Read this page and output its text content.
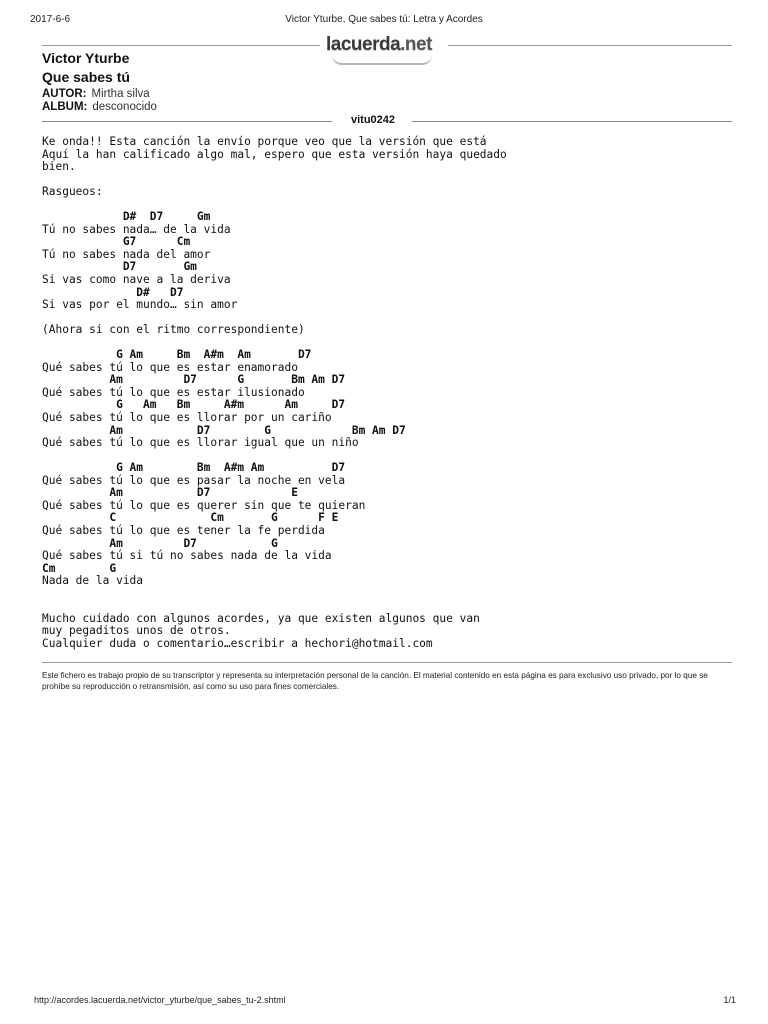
2017-6-6	Victor Yturbe, Que sabes tú: Letra y Acordes
lacuerda.net
Victor Yturbe
Que sabes tú
AUTOR: Mirtha silva
ALBUM: desconocido
vitu0242
Ke onda!! Esta canción la envío porque veo que la versión que está
Aquí la han calificado algo mal, espero que esta versión haya quedado
bien.
Rasgueos:
D#  D7     Gm
Tú no sabes nada… de la vida
G7      Cm
Tú no sabes nada del amor
D7       Gm
Si vas como nave a la deriva
D#   D7
Si vas por el mundo… sin amor
(Ahora si con el ritmo correspondiente)
G Am     Bm  A#m  Am       D7
Qué sabes tú lo que es estar enamorado
Am         D7      G       Bm Am D7
Qué sabes tú lo que es estar ilusionado
G   Am   Bm     A#m      Am     D7
Qué sabes tú lo que es llorar por un cariño
Am           D7        G            Bm Am D7
Qué sabes tú lo que es llorar igual que un niño
G Am        Bm  A#m Am          D7
Qué sabes tú lo que es pasar la noche en vela
Am           D7            E
Qué sabes tú lo que es querer sin que te quieran
C              Cm       G      F E
Qué sabes tú lo que es tener la fe perdida
Am         D7           G
Qué sabes tú si tú no sabes nada de la vida
Cm        G
Nada de la vida
Mucho cuidado con algunos acordes, ya que existen algunos que van
muy pegaditos unos de otros.
Cualquier duda o comentario…escribir a hechori@hotmail.com
Este fichero es trabajo propio de su transcriptor y representa su interpretación personal de la canción. El material contenido en esta página es para exclusivo uso privado, por lo que se prohíbe su reproducción o retransmisión, así como su uso para fines comerciales.
http://acordes.lacuerda.net/victor_yturbe/que_sabes_tu-2.shtml	1/1
